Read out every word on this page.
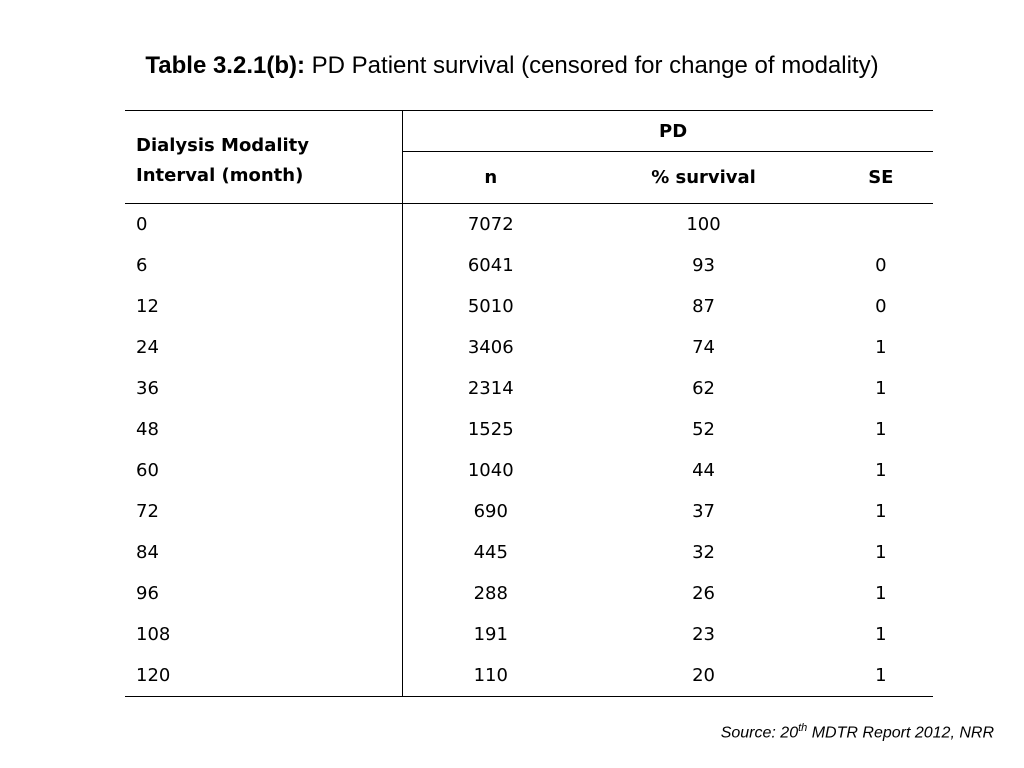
Table 3.2.1(b): PD Patient survival (censored for change of modality)
Dialysis Modality
Interval (month)	PD		
	n	% survival	SE
0	7072	100	
6	6041	93	0
12	5010	87	0
24	3406	74	1
36	2314	62	1
48	1525	52	1
60	1040	44	1
72	690	37	1
84	445	32	1
96	288	26	1
108	191	23	1
120	110	20	1
Source: 20th MDTR Report 2012, NRR
